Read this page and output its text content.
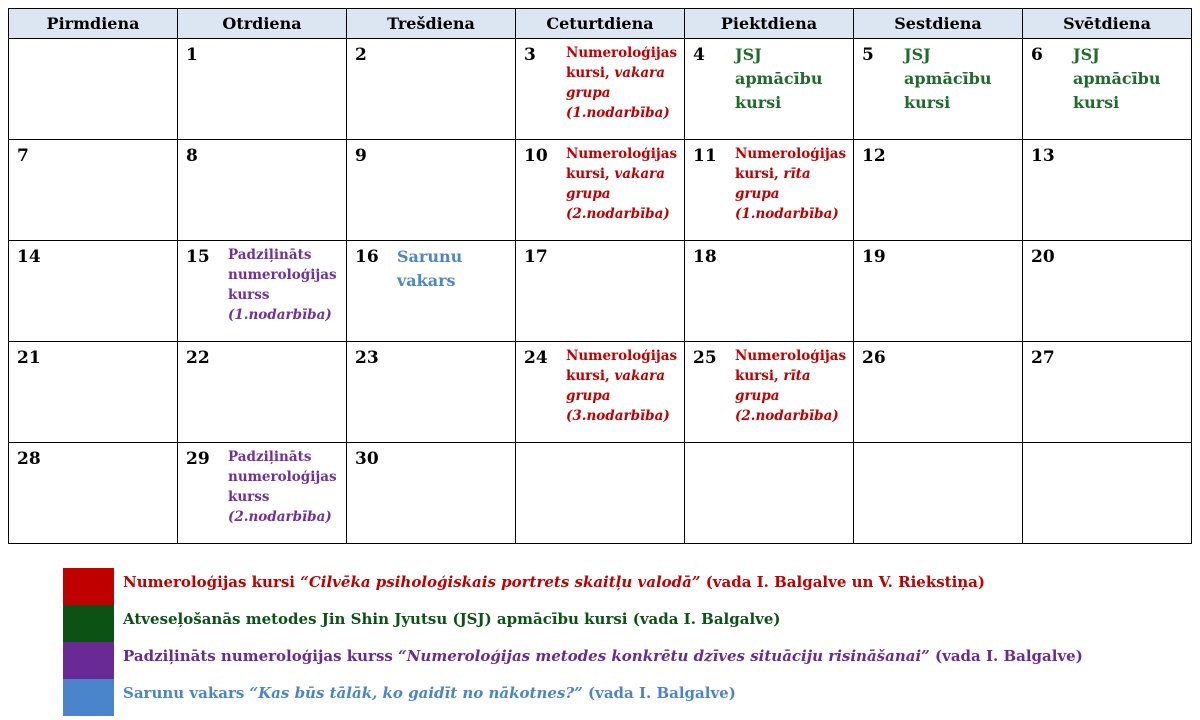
Pirmdiena	Otrdiena	Trešdiena	Ceturtdiena	Piektdiena	Sestdiena	Svētdiena

	1	2	3 Numeroloģijas kursi, vakara grupa (1.nodarbība)	4 JSJ apmācību kursi	5 JSJ apmācību kursi	6 JSJ apmācību kursi

7	8	9	10 Numeroloģijas kursi, vakara grupa (2.nodarbība)	11 Numeroloģijas kursi, rīta grupa (1.nodarbība)	12	13

14	15 Padziļināts numeroloģijas kurss (1.nodarbība)	16 Sarunu vakars	17	18	19	20

21	22	23	24 Numeroloģijas kursi, vakara grupa (3.nodarbība)	25 Numeroloģijas kursi, rīta grupa (2.nodarbība)	26	27

28	29 Padziļināts numeroloģijas kurss (2.nodarbība)	30				

Numeroloģijas kursi “Cilvēka psiholoģiskais portrets skaitļu valodā” (vada I. Balgalve un V. Riekstiņa)
Atveseļošanās metodes Jin Shin Jyutsu (JSJ) apmācību kursi (vada I. Balgalve)
Padziļināts numeroloģijas kurss “Numeroloģijas metodes konkrētu dzīves situāciju risināšanai” (vada I. Balgalve)
Sarunu vakars “Kas būs tālāk, ko gaidīt no nākotnes?” (vada I. Balgalve)
